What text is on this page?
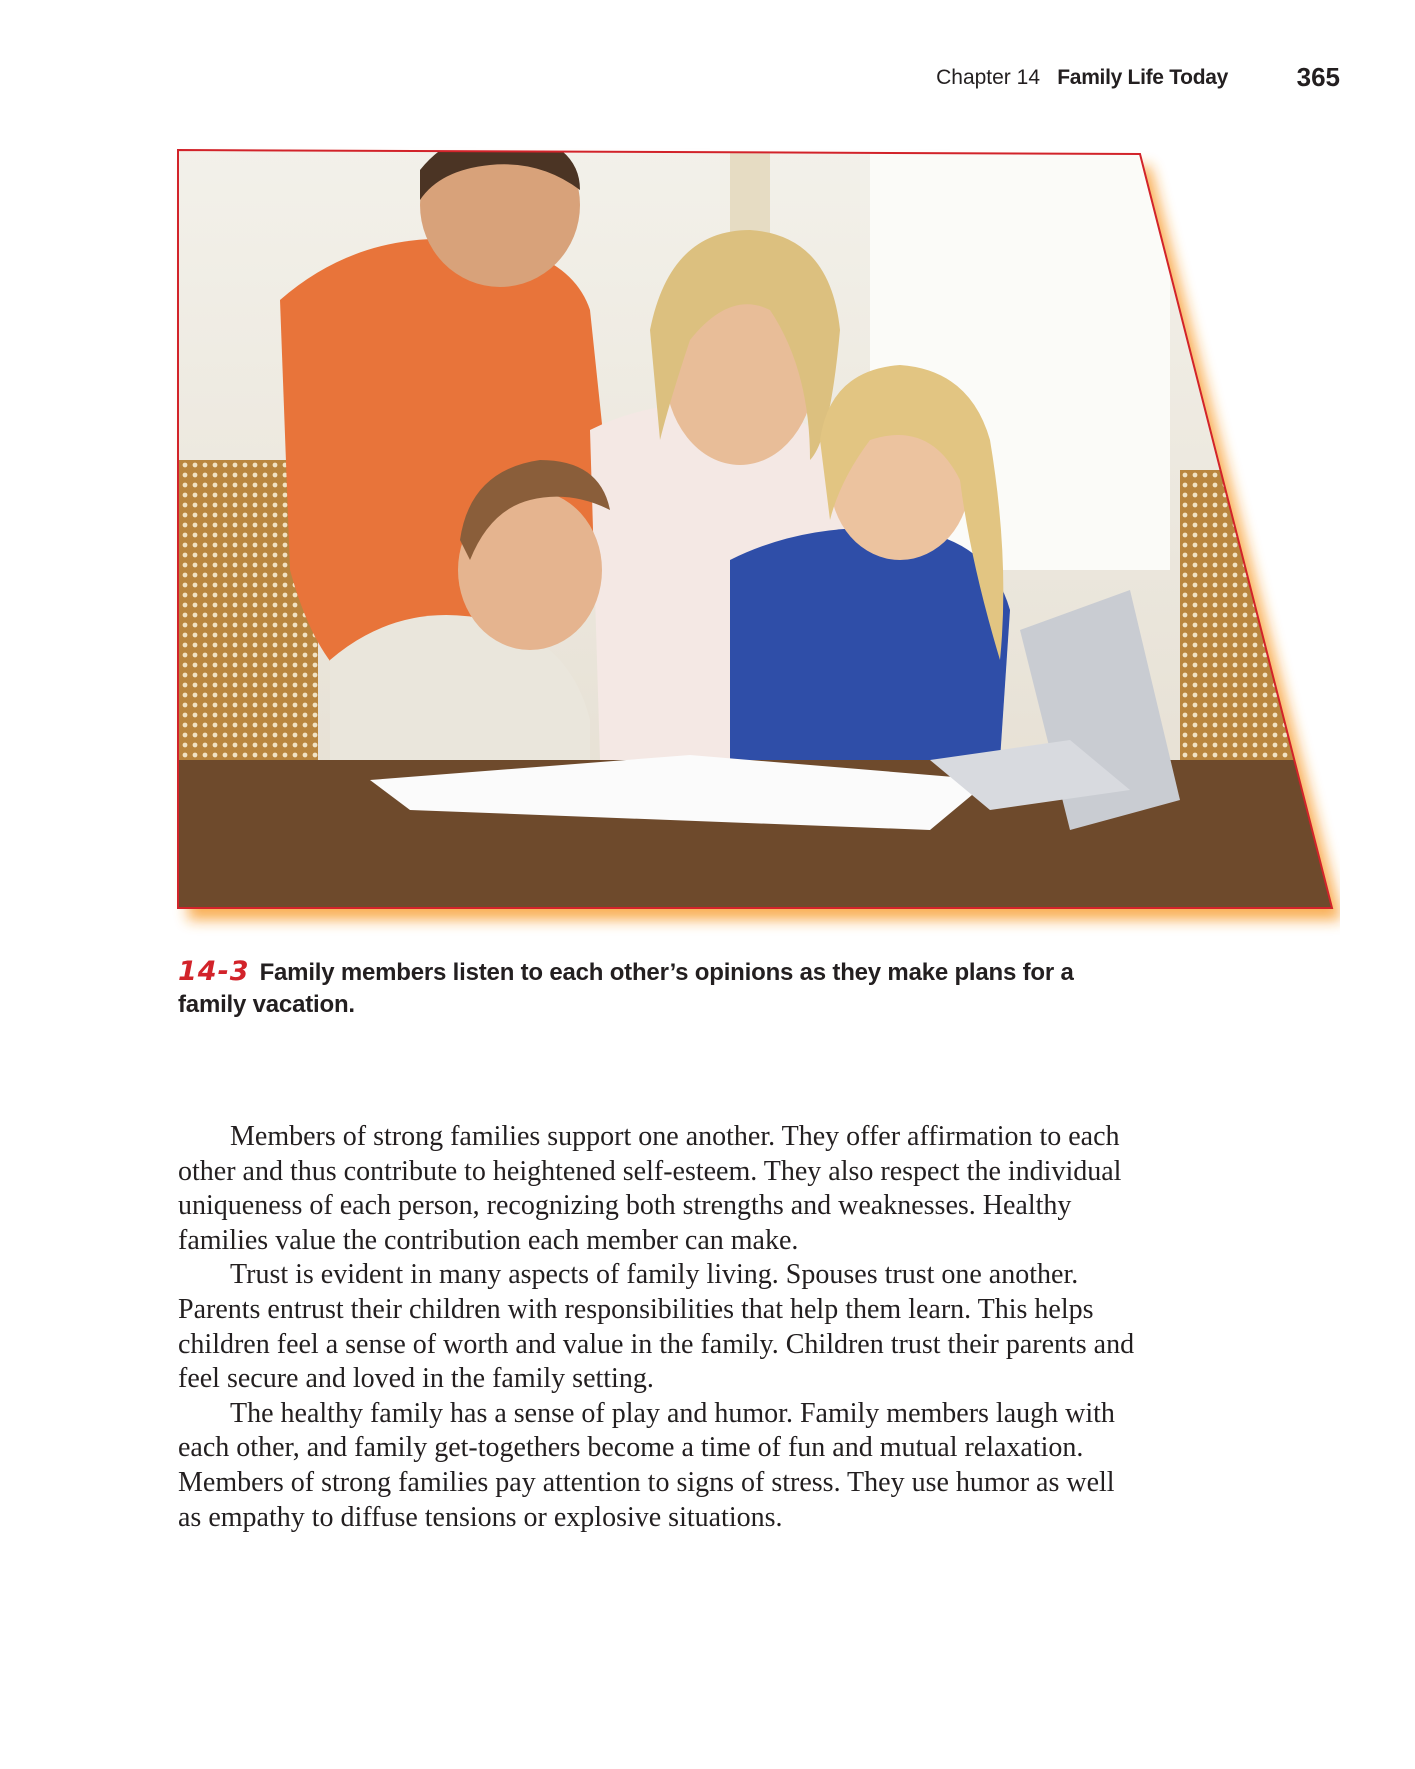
Chapter 14 Family Life Today	365
14-3 Family members listen to each other’s opinions as they make plans for a family vacation.

Members of strong families support one another. They offer affirmation to each other and thus contribute to heightened self-esteem. They also respect the individual uniqueness of each person, recognizing both strengths and weaknesses. Healthy families value the contribution each member can make.

Trust is evident in many aspects of family living. Spouses trust one another. Parents entrust their children with responsibilities that help them learn. This helps children feel a sense of worth and value in the family. Children trust their parents and feel secure and loved in the family setting.

The healthy family has a sense of play and humor. Family members laugh with each other, and family get-togethers become a time of fun and mutual relaxation. Members of strong families pay attention to signs of stress. They use humor as well as empathy to diffuse tensions or explosive situations.
